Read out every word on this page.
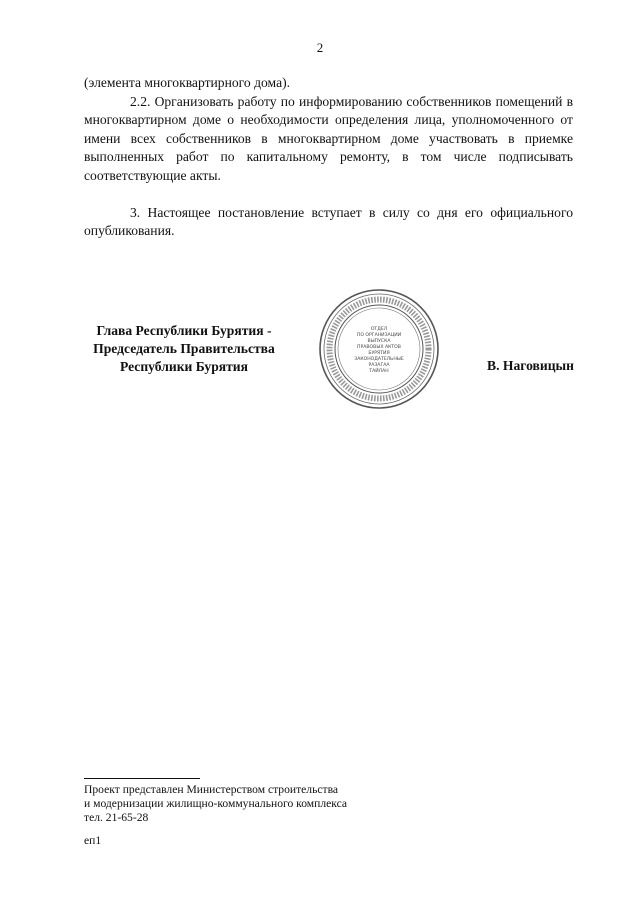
2

(элемента многоквартирного дома).

2.2. Организовать работу по информированию собственников помещений в многоквартирном доме о необходимости определения лица, уполномоченного от имени всех собственников в многоквартирном доме участвовать в приемке выполненных работ по капитальному ремонту, в том числе подписывать соответствующие акты.

3. Настоящее постановление вступает в силу со дня его официального опубликования.

Глава Республики Бурятия -
Председатель Правительства
Республики Бурятия
ОТДЕЛ
ПО ОРГАНИЗАЦИИ
ВЫПУСКА
ПРАВОВЫХ АКТОВ
БУРЯТИЯ
ЗАКОНОДАТЕЛЬНЫЕ
РАЗАГАА
ТАЙЛАН	В. Наговицын
Проект представлен Министерством строительства
и модернизации жилищно-коммунального комплекса
тел. 21-65-28
еп1
